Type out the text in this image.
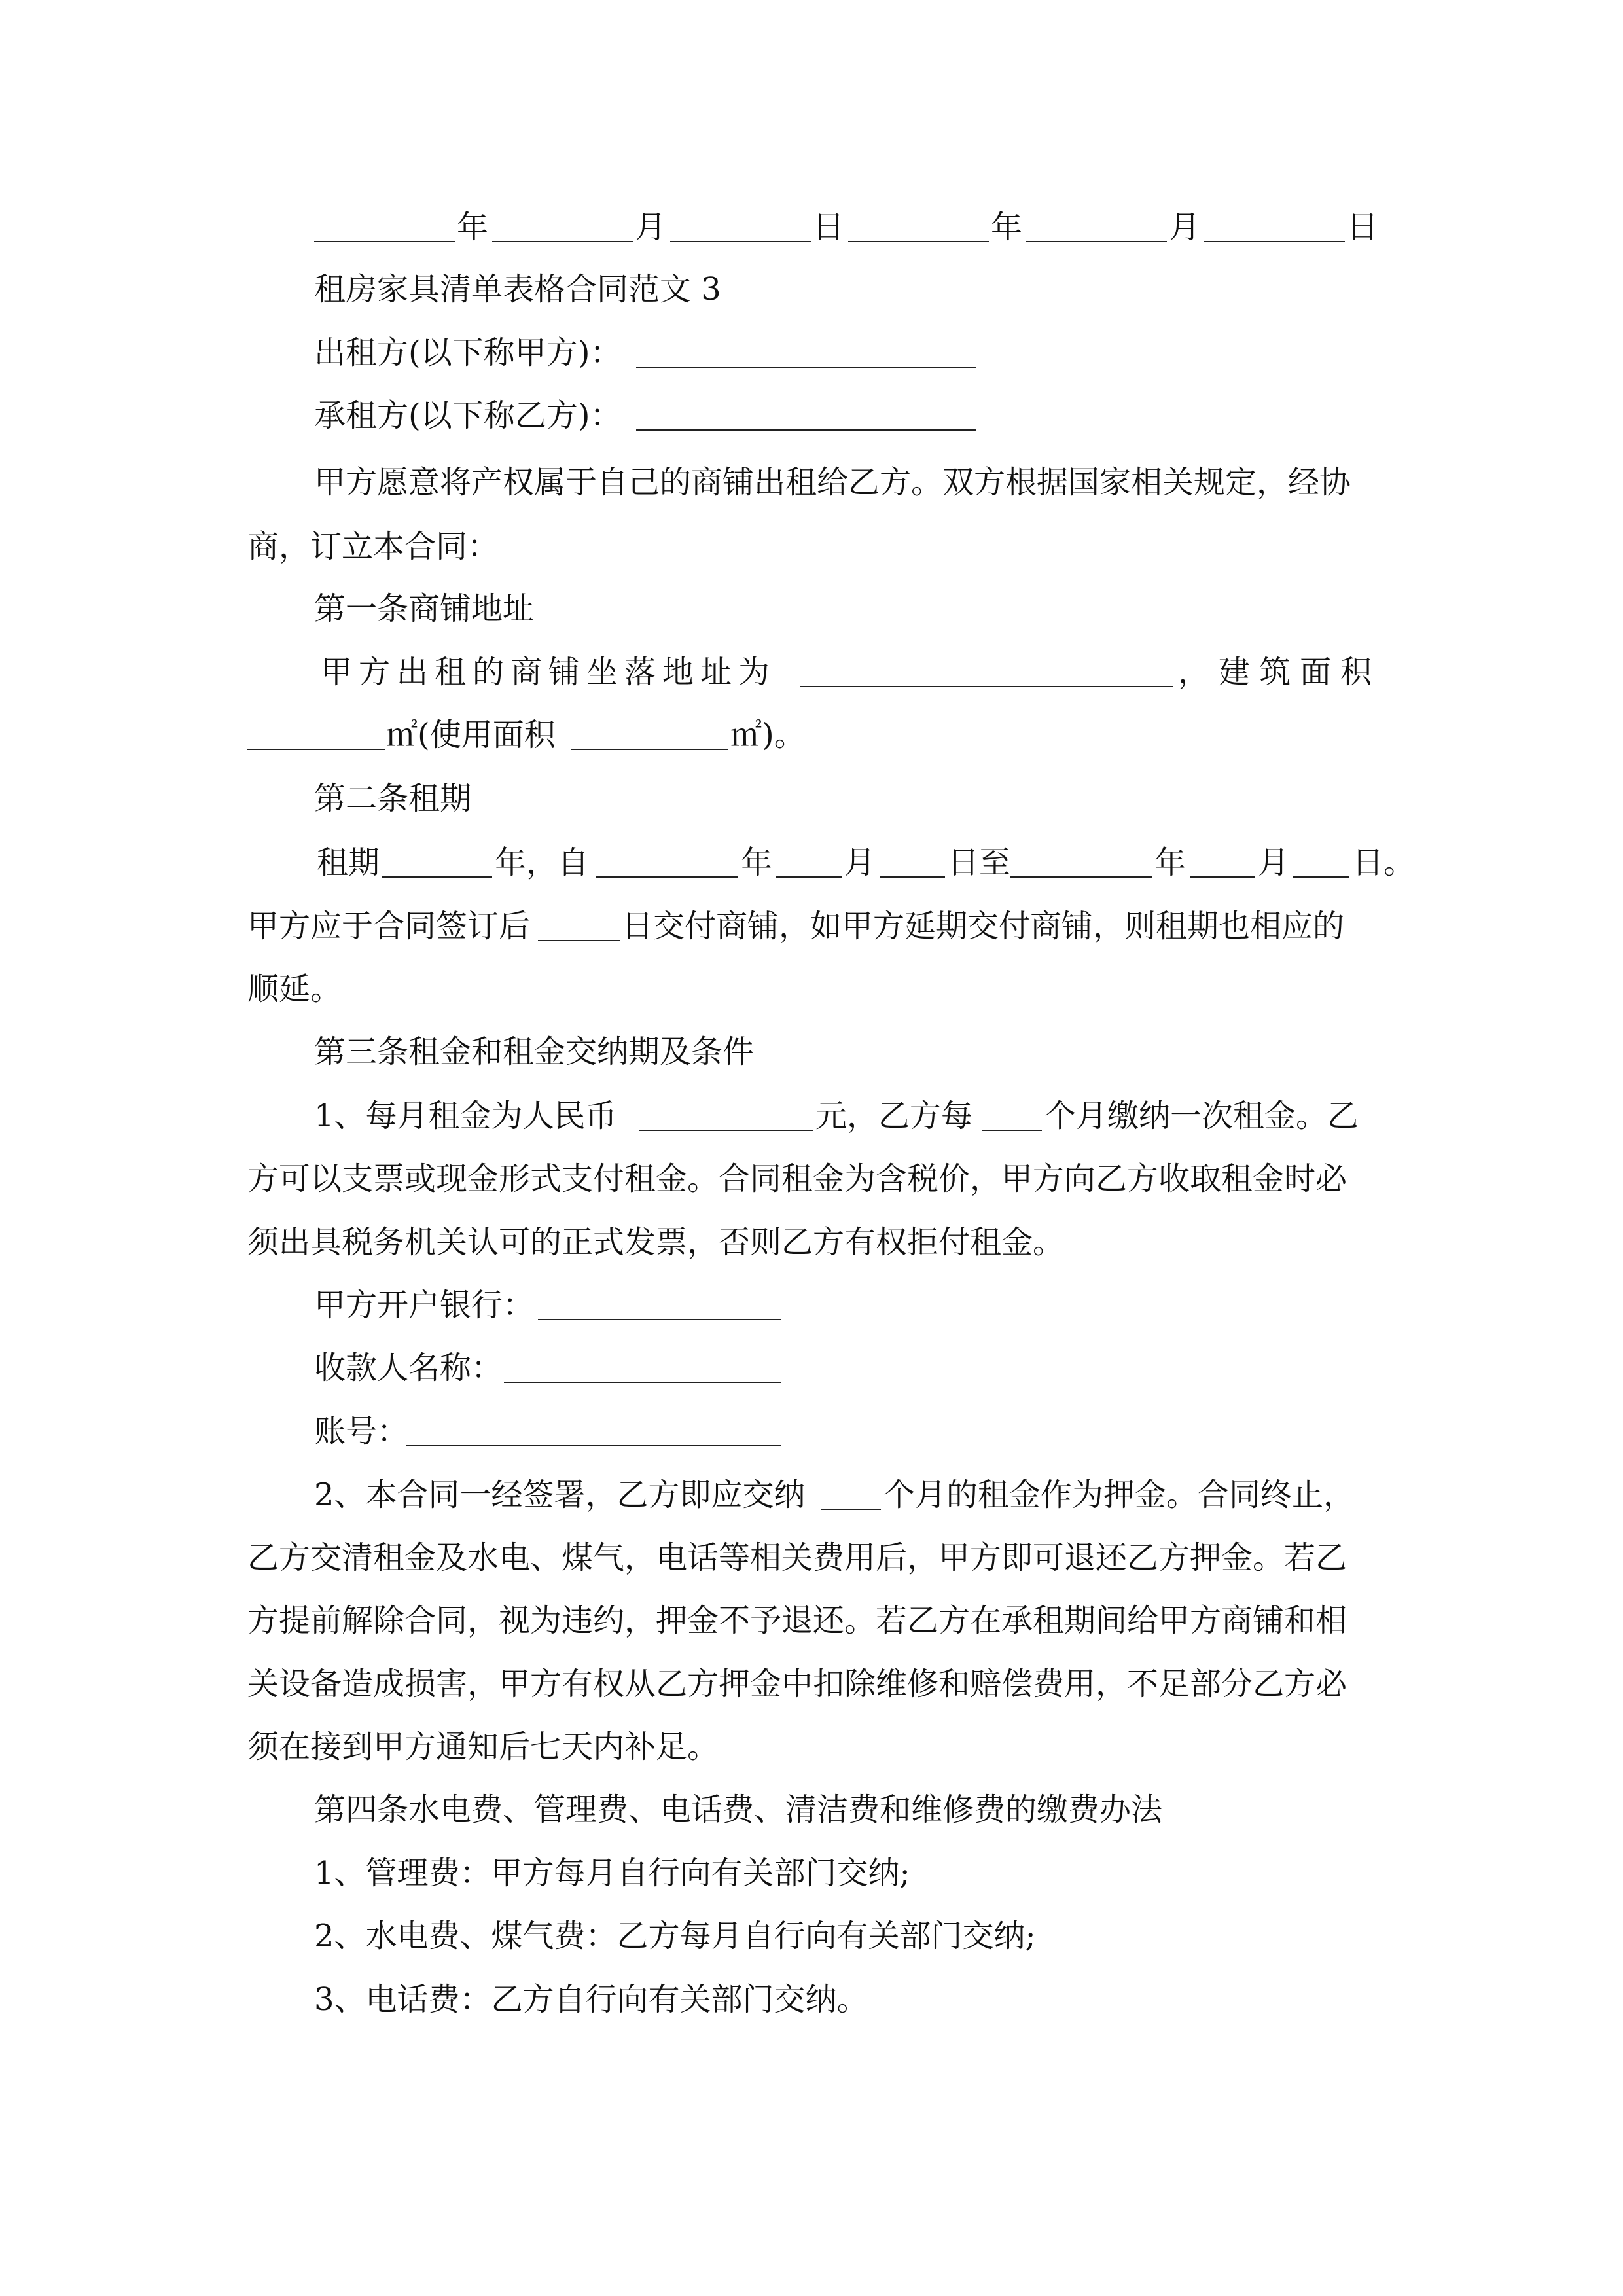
年	月	日	年	月	日
租房家具清单表格合同范文 3
出租方(以下称甲方)：
承租方(以下称乙方)：
甲方愿意将产权属于自己的商铺出租给乙方。双方根据国家相关规定，经协
商，订立本合同：
第一条商铺地址
甲方出租的商铺坐落地址为	，建筑面积
㎡(使用面积	㎡)。
第二条租期
租期	年，自	年 月 日至	年 月 日。
甲方应于合同签订后	日交付商铺，如甲方延期交付商铺，则租期也相应的
顺延。
第三条租金和租金交纳期及条件
1、每月租金为人民币	元，乙方每 个月缴纳一次租金。乙
方可以支票或现金形式支付租金。合同租金为含税价，甲方向乙方收取租金时必
须出具税务机关认可的正式发票，否则乙方有权拒付租金。
甲方开户银行：
收款人名称：
账号：
2、本合同一经签署，乙方即应交纳 个月的租金作为押金。合同终止，
乙方交清租金及水电、煤气，电话等相关费用后，甲方即可退还乙方押金。若乙
方提前解除合同，视为违约，押金不予退还。若乙方在承租期间给甲方商铺和相
关设备造成损害，甲方有权从乙方押金中扣除维修和赔偿费用，不足部分乙方必
须在接到甲方通知后七天内补足。
第四条水电费、管理费、电话费、清洁费和维修费的缴费办法
1、管理费：甲方每月自行向有关部门交纳;
2、水电费、煤气费：乙方每月自行向有关部门交纳;
3、电话费：乙方自行向有关部门交纳。
